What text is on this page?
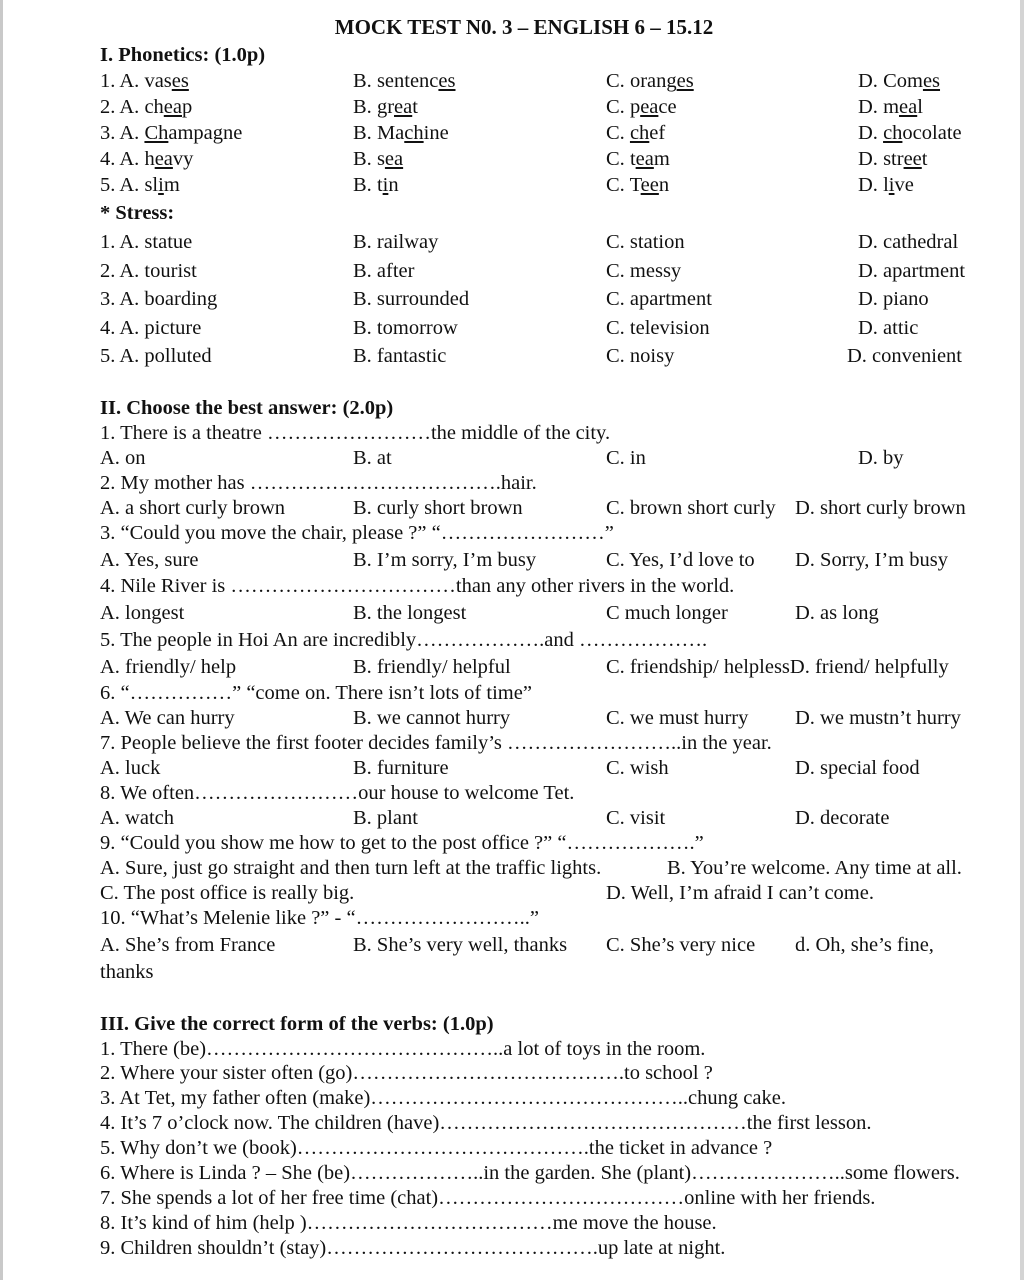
MOCK TEST N0. 3 – ENGLISH 6 – 15.12
I. Phonetics: (1.0p)
1. A. vases	B. sentences	C. oranges	D. Comes
2. A. cheap	B. great	C. peace	D. meal
3. A. Champagne	B. Machine	C. chef	D. chocolate
4. A. heavy	B. sea	C. team	D. street
5. A. slim	B. tin	C. Teen	D. live
* Stress:
1. A. statue	B. railway	C. station	D. cathedral
2. A. tourist	B. after	C. messy	D. apartment
3. A. boarding	B. surrounded	C. apartment	D. piano
4. A. picture	B. tomorrow	C. television	D. attic
5. A. polluted	B. fantastic	C. noisy	D. convenient
II. Choose the best answer: (2.0p)
1. There is a theatre ……………………the middle of the city.
A. on	B. at	C. in	D. by
2. My mother has ……………………………….hair.
A. a short curly brown	B. curly short brown	C. brown short curly D. short curly brown
3. “Could you move the chair, please ?” “……………………”
A. Yes, sure	B. I’m sorry, I’m busy	C. Yes, I’d love to D. Sorry, I’m busy
4. Nile River is ……………………………than any other rivers in the world.
A. longest	B. the longest	C much longer	D. as long
5. The people in Hoi An are incredibly……………….and ……………….
A. friendly/ help	B. friendly/ helpful	C. friendship/ helplessD. friend/ helpfully
6. “……………” “come on. There isn’t lots of time”
A. We can hurry	B. we cannot hurry	C. we must hurry D. we mustn’t hurry
7. People believe the first footer decides family’s ……………………..in the year.
A. luck	B. furniture	C. wish	D. special food
8. We often……………………our house to welcome Tet.
A. watch	B. plant	C. visit	D. decorate
9. “Could you show me how to get to the post office ?” “……………….”
A. Sure, just go straight and then turn left at the traffic lights.	B. You’re welcome. Any time at all.
C. The post office is really big.	D. Well, I’m afraid I can’t come.
10. “What’s Melenie like ?” - “……………………..”
A. She’s from France	B. She’s very well, thanks C. She’s very nice d. Oh, she’s fine,
thanks
III. Give the correct form of the verbs: (1.0p)
1. There (be)……………………………………..a lot of toys in the room.
2. Where your sister often (go)………………………………….to school ?
3. At Tet, my father often (make)………………………………………..chung cake.
4. It’s 7 o’clock now. The children (have)………………………………………the first lesson.
5. Why don’t we (book)…………………………………….the ticket in advance ?
6. Where is Linda ? – She (be)………………..in the garden. She (plant)…………………..some flowers.
7. She spends a lot of her free time (chat)………………………………online with her friends.
8. It’s kind of him (help )………………………………me move the house.
9. Children shouldn’t (stay)………………………………….up late at night.
